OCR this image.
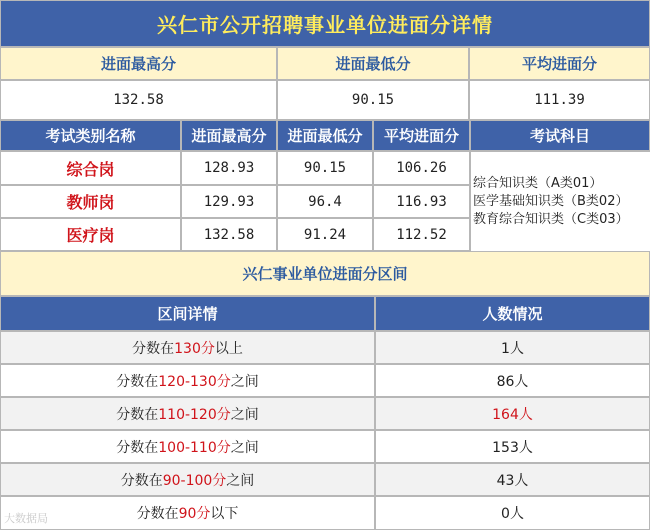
兴仁市公开招聘事业单位进面分详情
进面最高分	进面最低分	平均进面分
132.58	90.15	111.39
考试类别名称	进面最高分	进面最低分	平均进面分	考试科目
综合岗	128.93	90.15	106.26
教师岗	129.93	96.4	116.93
医疗岗	132.58	91.24	112.52
综合知识类（A类01）
医学基础知识类（B类02）
教育综合知识类（C类03）
兴仁事业单位进面分区间
区间详情	人数情况
分数在 130分 以上	1人
分数在 120-130分 之间	86人
分数在 110-120分 之间	164人
分数在 100-110分 之间	153人
分数在 90-100分 之间	43人
分数在 90分 以下	0人
大数据局
